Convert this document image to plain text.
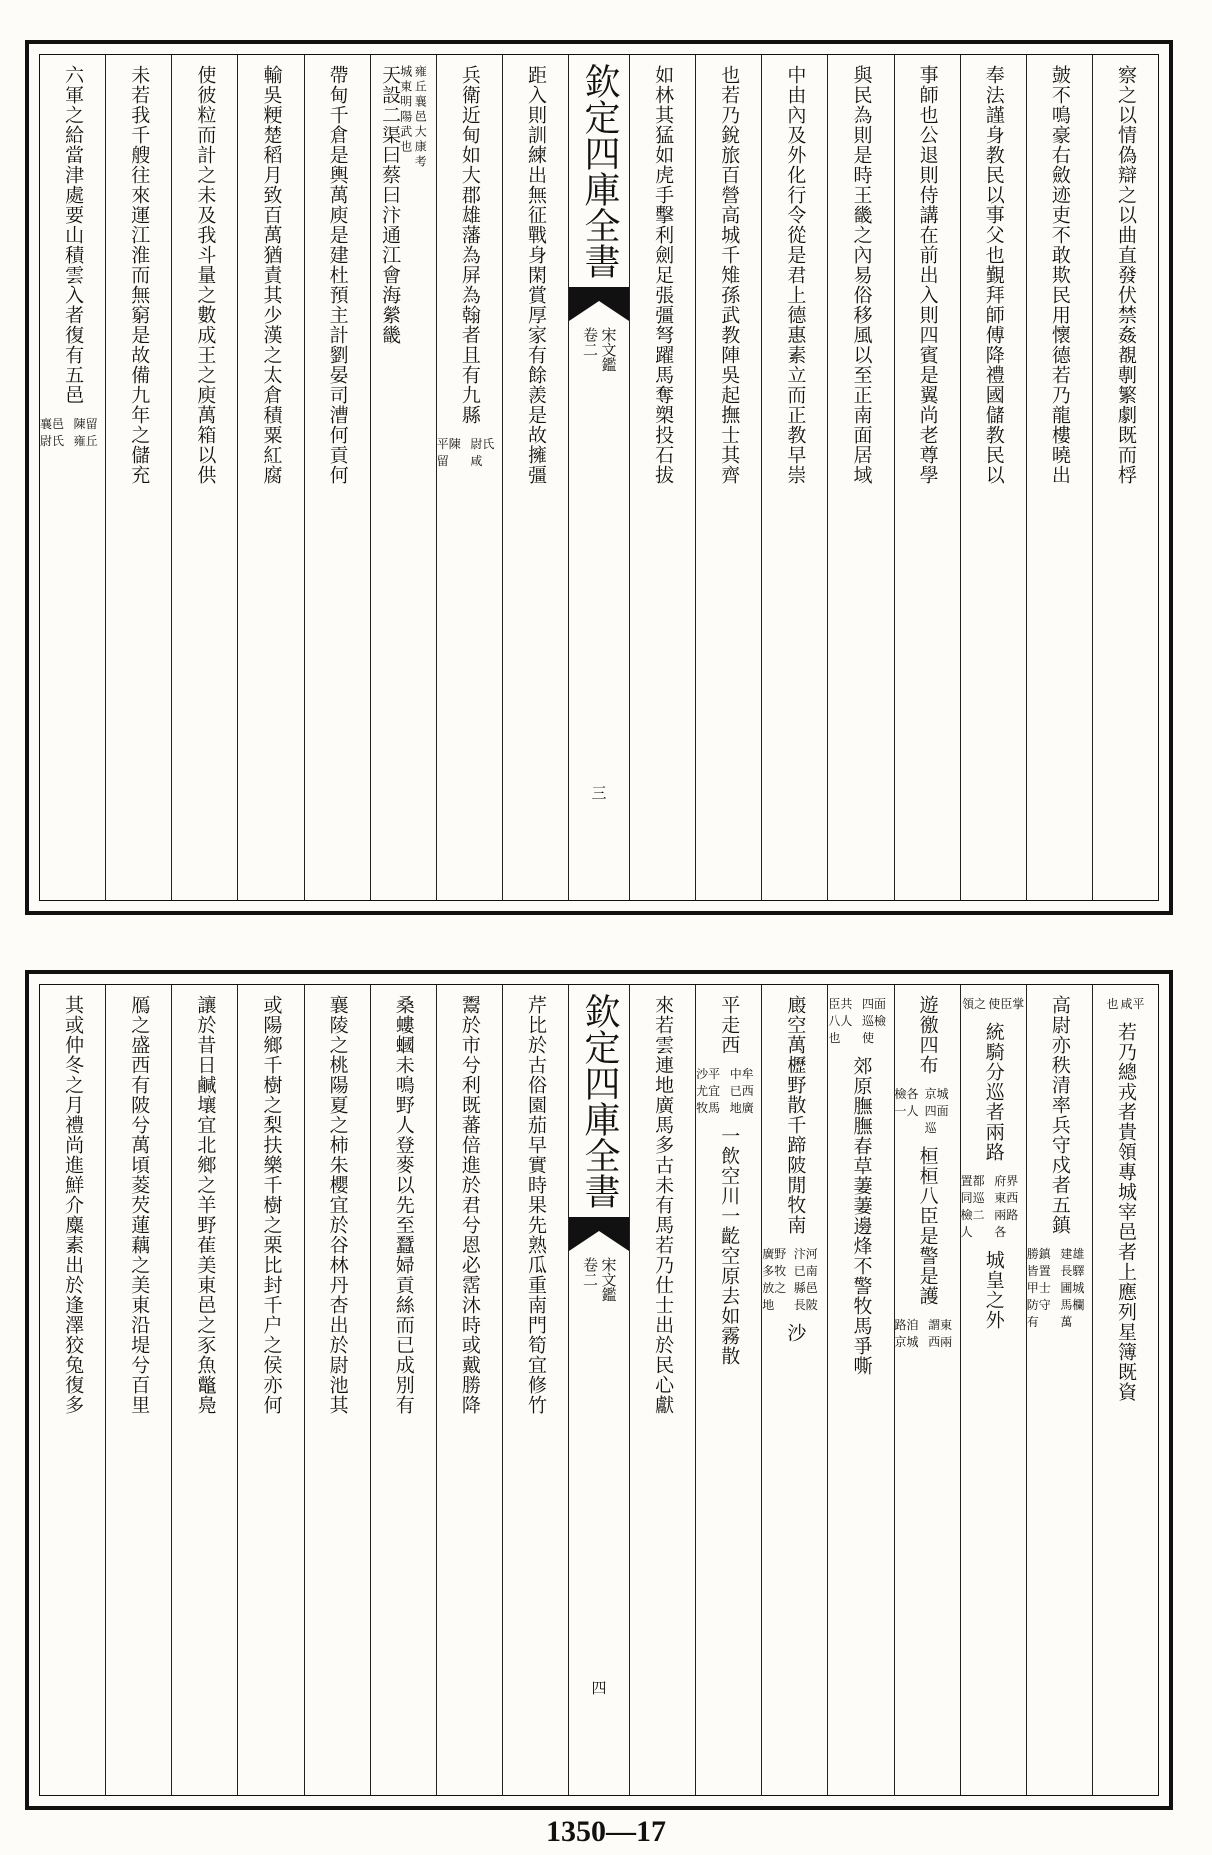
察之以情偽辯之以曲直發伏禁姦覩剸繁劇既而桴
皷不鳴豪右斂迹吏不敢欺民用懷德若乃龍樓曉出
奉法謹身教民以事父也覲拜師傅降禮國儲教民以
事師也公退則侍講在前出入則四賓是翼尚老尊學
與民為則是時王畿之內易俗移風以至正南面居域
中由內及外化行令從是君上德惠素立而正教早崇
也若乃銳旅百營高城千雉孫武教陣吳起撫士其齊
如林其猛如虎手擊利劍足張彊弩躍馬奪槊投石拔
欽定四庫全書
宋文鑑
卷二
三
距入則訓練出無征戰身閑賞厚家有餘羨是故擁彊
兵衛近甸如大郡雄藩為屏為翰者且有九縣
尉氏咸
平陳留
雍丘襄邑大康考
城東明陽武也
天設二渠曰蔡曰汴通江會海縈畿
帶甸千倉是輿萬庾是建杜預主計劉晏司漕何貢何
輸吳粳楚稻月致百萬猶責其少漢之太倉積粟紅腐
使彼粒而計之未及我斗量之數成王之庾萬箱以供
未若我千艘往來運江淮而無窮是故備九年之儲充
六軍之給當津處要山積雲入者復有五邑
陳留雍丘
襄邑尉氏
咸平
也
若乃總戎者貴領專城宰邑者上應列星簿既資
高尉亦秩清率兵守戍者五鎮
建雄長驛圃城馬欄萬
勝鎮皆置甲士防守有
使臣掌
領之
統騎分巡者兩路
府界東西兩路各
置都同巡檢二人
城皇之外
遊徼四布
京城四面巡
檢各一人
桓桓八臣是警是護
謂東西兩
路洎京城
四面巡檢使
臣共八人也
郊原膴膴春草萋萋邊烽不警牧馬爭嘶
廄空萬櫪野散千蹄陂閒牧南
汴河已南縣邑長陂
廣野多牧放之地
沙
平走西
中牟已西地廣
沙平尤宜牧馬
一飲空川一齕空原去如霧散
來若雲連地廣馬多古未有馬若乃仕士出於民心獻
欽定四庫全書
宋文鑑
卷二
四
芹比於古俗園茄早實時果先熟瓜重南門筍宜修竹
鬻於市兮利既蕃倍進於君兮恩必霑沐時或戴勝降
桑螻蟈未鳴野人登麥以先至蠶婦貢絲而已成別有
襄陵之桃陽夏之柿朱櫻宜於谷林丹杏出於尉池其
或陽鄉千樹之梨扶樂千樹之栗比封千户之侯亦何
讓於昔日鹹壤宜北鄉之羊野萑美東邑之豕魚鼈鳧
鴈之盛西有陂兮萬頃菱芡蓮藕之美東沿堤兮百里
其或仲冬之月禮尚進鮮介麋素出於逢澤狡兔復多
1350—17
